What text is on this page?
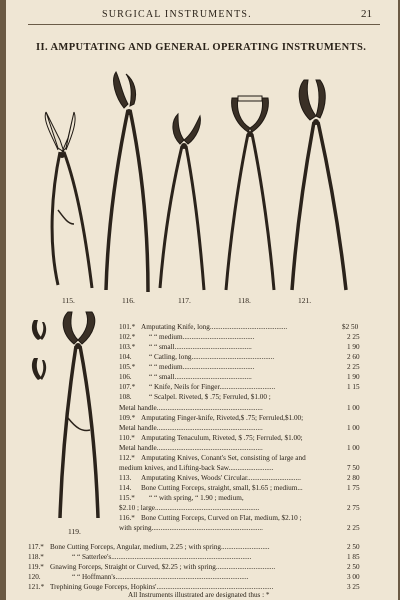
SURGICAL INSTRUMENTS.	21
II. AMPUTATING AND GENERAL OPERATING INSTRUMENTS.
115.	116.	117.	118.	121.
119.
101.* Amputating Knife, long...........................................	$2 50
102.* “ “ medium........................................	2 25
103.* “ “ small...........................................	1 90
104. “ Catling, long..............................................	2 60
105.* “ “ medium........................................	2 25
106. “ “ small...........................................	1 90
107.* “ Knife, Neils for Finger...............................	1 15
108. “ Scalpel. Riveted, $ .75; Ferruled, $1.00 ;
Metal handle...........................................................	1 00
109.* Amputating Finger-knife, Riveted,$ .75; Ferruled,$1.00;
Metal handle...........................................................	1 00
110.* Amputating Tenaculum, Riveted, $ .75; Ferruled, $1.00;
Metal handle...........................................................	1 00
112.* Amputating Knives, Conant's Set, consisting of large and
medium knives, and Lifting-back Saw.........................	7 50
113. Amputating Knives, Woods' Circular..............................	2 80
114. Bone Cutting Forceps, straight, small, $1.65 ; medium...	1 75
115.* “ “ with spring, “ 1.90 ; medium,
$2.10 ; large..........................................................	2 75
116.* Bone Cutting Forceps, Curved on Flat, medium, $2.10 ;
with spring..............................................................	2 25
117.* Bone Cutting Forceps, Angular, medium, 2.25 ; with spring...........................	2 50
118.*	“ “ Satterlee's..............................................................................	1 85
119.* Gnawing Forceps, Straight or Curved, $2.25 ; with spring.................................	2 50
120.	“ “ Hoffmann's..........................................................................	3 00
121.* Trephining Gouge Forceps, Hopkins'.................................................................	3 25
All Instruments illustrated are designated thus : *
